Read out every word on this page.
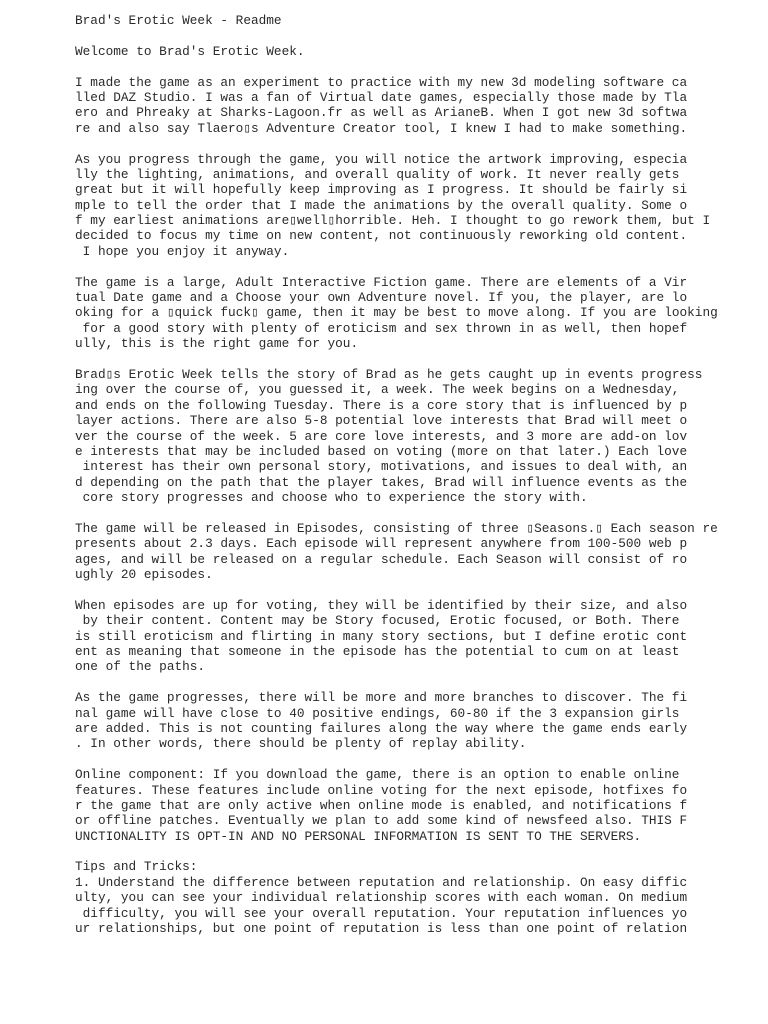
Brad's Erotic Week - Readme
Welcome to Brad's Erotic Week.
I made the game as an experiment to practice with my new 3d modeling software ca
lled DAZ Studio. I was a fan of Virtual date games, especially those made by Tla
ero and Phreaky at Sharks-Lagoon.fr as well as ArianeB. When I got new 3d softwa
re and also say Tlaero▯s Adventure Creator tool, I knew I had to make something.
As you progress through the game, you will notice the artwork improving, especia
lly the lighting, animations, and overall quality of work. It never really gets
great but it will hopefully keep improving as I progress. It should be fairly si
mple to tell the order that I made the animations by the overall quality. Some o
f my earliest animations are▯well▯horrible. Heh. I thought to go rework them, but I
decided to focus my time on new content, not continuously reworking old content.
I hope you enjoy it anyway.
The game is a large, Adult Interactive Fiction game. There are elements of a Vir
tual Date game and a Choose your own Adventure novel. If you, the player, are lo
oking for a ▯quick fuck▯ game, then it may be best to move along. If you are looking
for a good story with plenty of eroticism and sex thrown in as well, then hopef
ully, this is the right game for you.
Brad▯s Erotic Week tells the story of Brad as he gets caught up in events progress
ing over the course of, you guessed it, a week. The week begins on a Wednesday,
and ends on the following Tuesday. There is a core story that is influenced by p
layer actions. There are also 5-8 potential love interests that Brad will meet o
ver the course of the week. 5 are core love interests, and 3 more are add-on lov
e interests that may be included based on voting (more on that later.) Each love
interest has their own personal story, motivations, and issues to deal with, an
d depending on the path that the player takes, Brad will influence events as the
core story progresses and choose who to experience the story with.
The game will be released in Episodes, consisting of three ▯Seasons.▯ Each season re
presents about 2.3 days. Each episode will represent anywhere from 100-500 web p
ages, and will be released on a regular schedule. Each Season will consist of ro
ughly 20 episodes.
When episodes are up for voting, they will be identified by their size, and also
by their content. Content may be Story focused, Erotic focused, or Both. There
is still eroticism and flirting in many story sections, but I define erotic cont
ent as meaning that someone in the episode has the potential to cum on at least
one of the paths.
As the game progresses, there will be more and more branches to discover. The fi
nal game will have close to 40 positive endings, 60-80 if the 3 expansion girls
are added. This is not counting failures along the way where the game ends early
. In other words, there should be plenty of replay ability.
Online component: If you download the game, there is an option to enable online
features. These features include online voting for the next episode, hotfixes fo
r the game that are only active when online mode is enabled, and notifications f
or offline patches. Eventually we plan to add some kind of newsfeed also. THIS F
UNCTIONALITY IS OPT-IN AND NO PERSONAL INFORMATION IS SENT TO THE SERVERS.
Tips and Tricks:
1. Understand the difference between reputation and relationship. On easy diffic
ulty, you can see your individual relationship scores with each woman. On medium
difficulty, you will see your overall reputation. Your reputation influences yo
ur relationships, but one point of reputation is less than one point of relation
